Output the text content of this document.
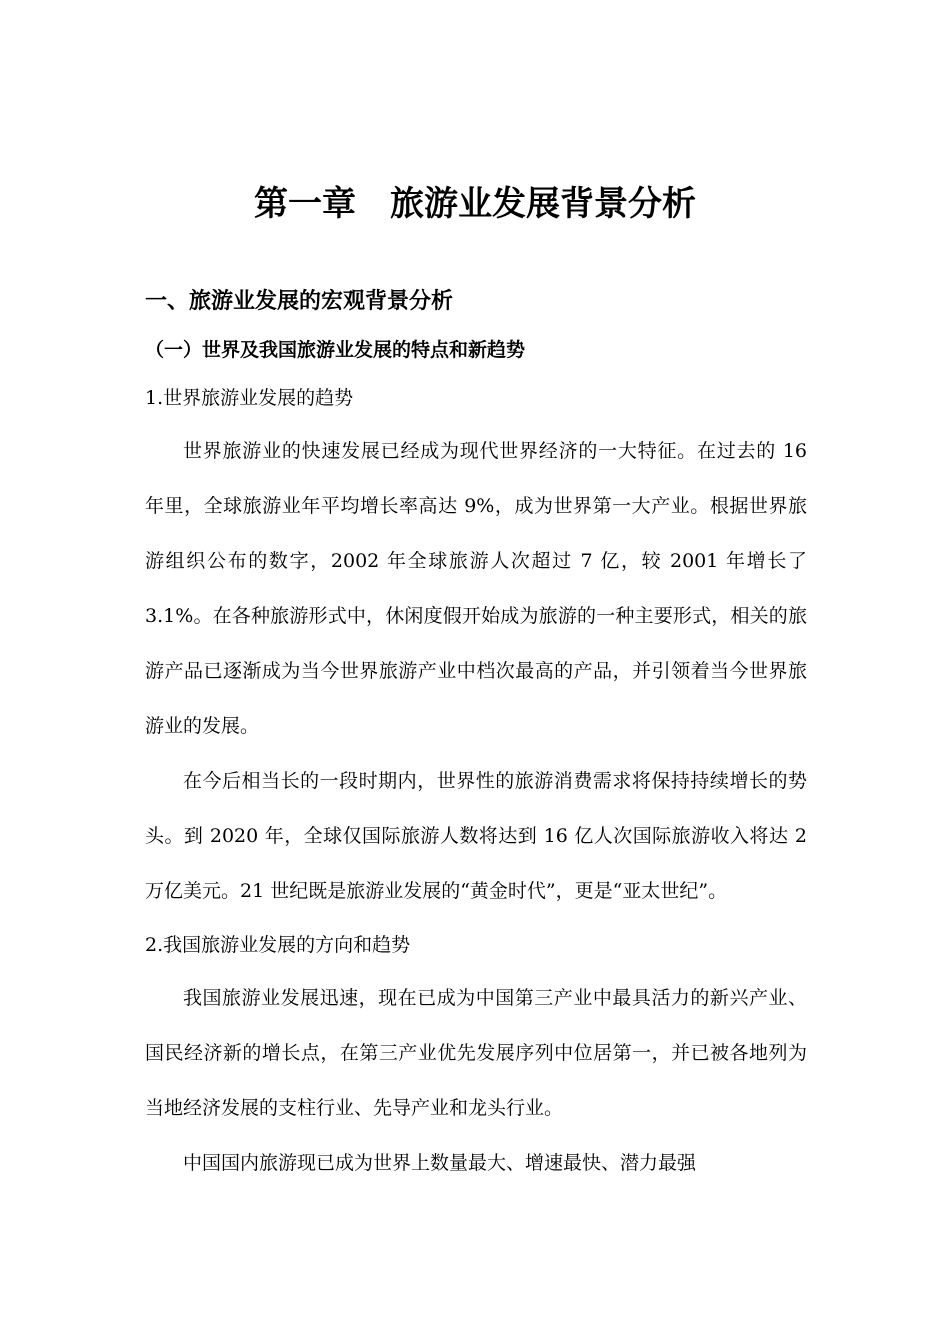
第一章　旅游业发展背景分析
一、旅游业发展的宏观背景分析
（一）世界及我国旅游业发展的特点和新趋势
1.世界旅游业发展的趋势

世界旅游业的快速发展已经成为现代世界经济的一大特征。在过去的 16 年里，全球旅游业年平均增长率高达 9%，成为世界第一大产业。根据世界旅游组织公布的数字，2002 年全球旅游人次超过 7 亿，较 2001 年增长了 3.1%。在各种旅游形式中，休闲度假开始成为旅游的一种主要形式，相关的旅游产品已逐渐成为当今世界旅游产业中档次最高的产品，并引领着当今世界旅游业的发展。

在今后相当长的一段时期内，世界性的旅游消费需求将保持持续增长的势头。到 2020 年，全球仅国际旅游人数将达到 16 亿人次国际旅游收入将达 2 万亿美元。21 世纪既是旅游业发展的“黄金时代”，更是“亚太世纪”。

2.我国旅游业发展的方向和趋势

我国旅游业发展迅速，现在已成为中国第三产业中最具活力的新兴产业、国民经济新的增长点，在第三产业优先发展序列中位居第一，并已被各地列为当地经济发展的支柱行业、先导产业和龙头行业。

中国国内旅游现已成为世界上数量最大、增速最快、潜力最强
